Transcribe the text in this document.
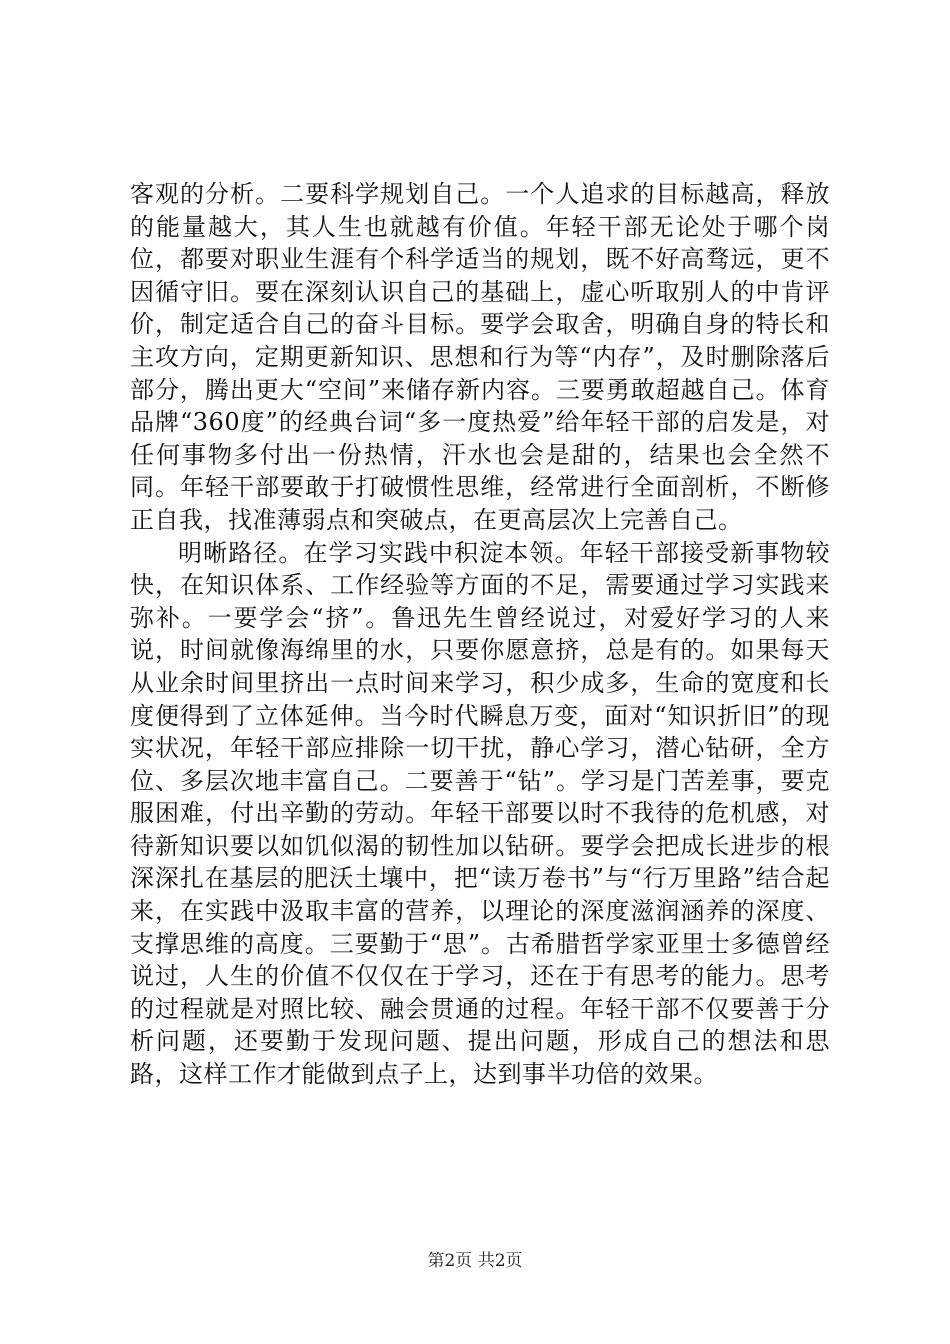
客观的分析。二要科学规划自己。一个人追求的目标越高，释放的能量越大，其人生也就越有价值。年轻干部无论处于哪个岗位，都要对职业生涯有个科学适当的规划，既不好高骛远，更不因循守旧。要在深刻认识自己的基础上，虚心听取别人的中肯评价，制定适合自己的奋斗目标。要学会取舍，明确自身的特长和主攻方向，定期更新知识、思想和行为等“内存”，及时删除落后部分，腾出更大“空间”来储存新内容。三要勇敢超越自己。体育品牌“360度”的经典台词“多一度热爱”给年轻干部的启发是，对任何事物多付出一份热情，汗水也会是甜的，结果也会全然不同。年轻干部要敢于打破惯性思维，经常进行全面剖析，不断修正自我，找准薄弱点和突破点，在更高层次上完善自己。

明晰路径。在学习实践中积淀本领。年轻干部接受新事物较快，在知识体系、工作经验等方面的不足，需要通过学习实践来弥补。一要学会“挤”。鲁迅先生曾经说过，对爱好学习的人来说，时间就像海绵里的水，只要你愿意挤，总是有的。如果每天从业余时间里挤出一点时间来学习，积少成多，生命的宽度和长度便得到了立体延伸。当今时代瞬息万变，面对“知识折旧”的现实状况，年轻干部应排除一切干扰，静心学习，潜心钻研，全方位、多层次地丰富自己。二要善于“钻”。学习是门苦差事，要克服困难，付出辛勤的劳动。年轻干部要以时不我待的危机感，对待新知识要以如饥似渴的韧性加以钻研。要学会把成长进步的根深深扎在基层的肥沃土壤中，把“读万卷书”与“行万里路”结合起来，在实践中汲取丰富的营养，以理论的深度滋润涵养的深度、支撑思维的高度。三要勤于“思”。古希腊哲学家亚里士多德曾经说过，人生的价值不仅仅在于学习，还在于有思考的能力。思考的过程就是对照比较、融会贯通的过程。年轻干部不仅要善于分析问题，还要勤于发现问题、提出问题，形成自己的想法和思路，这样工作才能做到点子上，达到事半功倍的效果。

第2页 共2页
